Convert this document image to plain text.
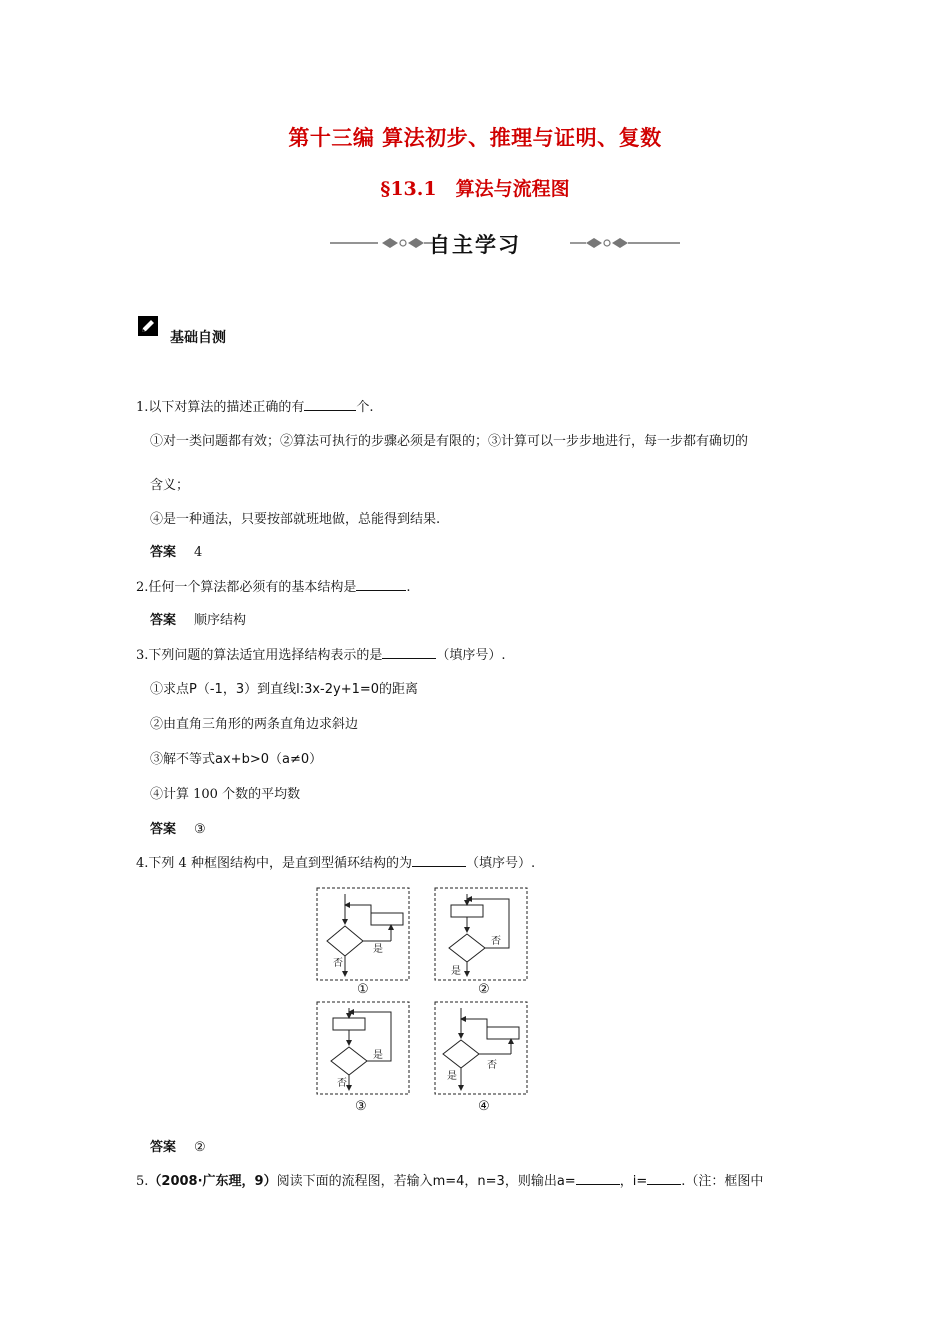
第十三编 算法初步、推理与证明、复数
§13.1　算法与流程图
自主学习
基础自测
1.以下对算法的描述正确的有	个.
①对一类问题都有效；②算法可执行的步骤必须是有限的；③计算可以一步步地进行，每一步都有确切的
含义；
④是一种通法，只要按部就班地做，总能得到结果.
答案 4
2.任何一个算法都必须有的基本结构是	.
答案 顺序结构
3.下列问题的算法适宜用选择结构表示的是	（填序号）.
①求点P（-1，3）到直线l:3x-2y+1=0的距离
②由直角三角形的两条直角边求斜边
③解不等式ax+b>0（a≠0）
④计算 100 个数的平均数
答案 ③
4.下列 4 种框图结构中，是直到型循环结构的为	（填序号）.
是
否
否
是
是
否
否
是
①	②
③	④
答案 ②
5.（2008·广东理，9）阅读下面的流程图，若输入m=4，n=3，则输出a=	，i=	.（注：框图中
